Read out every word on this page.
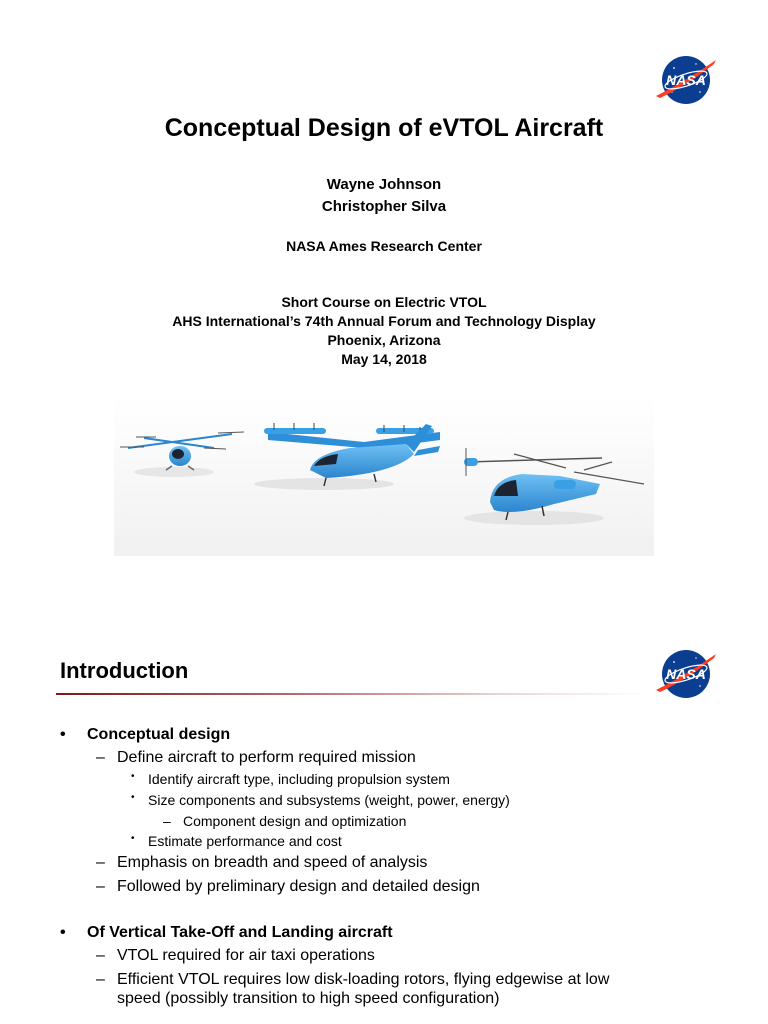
NASA
Conceptual Design of eVTOL Aircraft
Wayne Johnson
Christopher Silva
NASA Ames Research Center
Short Course on Electric VTOL
AHS International’s 74th Annual Forum and Technology Display
Phoenix, Arizona
May 14, 2018
Introduction	NASA
• Conceptual design
– Define aircraft to perform required mission
• Identify aircraft type, including propulsion system
• Size components and subsystems (weight, power, energy)
– Component design and optimization
• Estimate performance and cost
– Emphasis on breadth and speed of analysis
– Followed by preliminary design and detailed design
• Of Vertical Take-Off and Landing aircraft
– VTOL required for air taxi operations
– Efficient VTOL requires low disk-loading rotors, flying edgewise at low
speed (possibly transition to high speed configuration)
